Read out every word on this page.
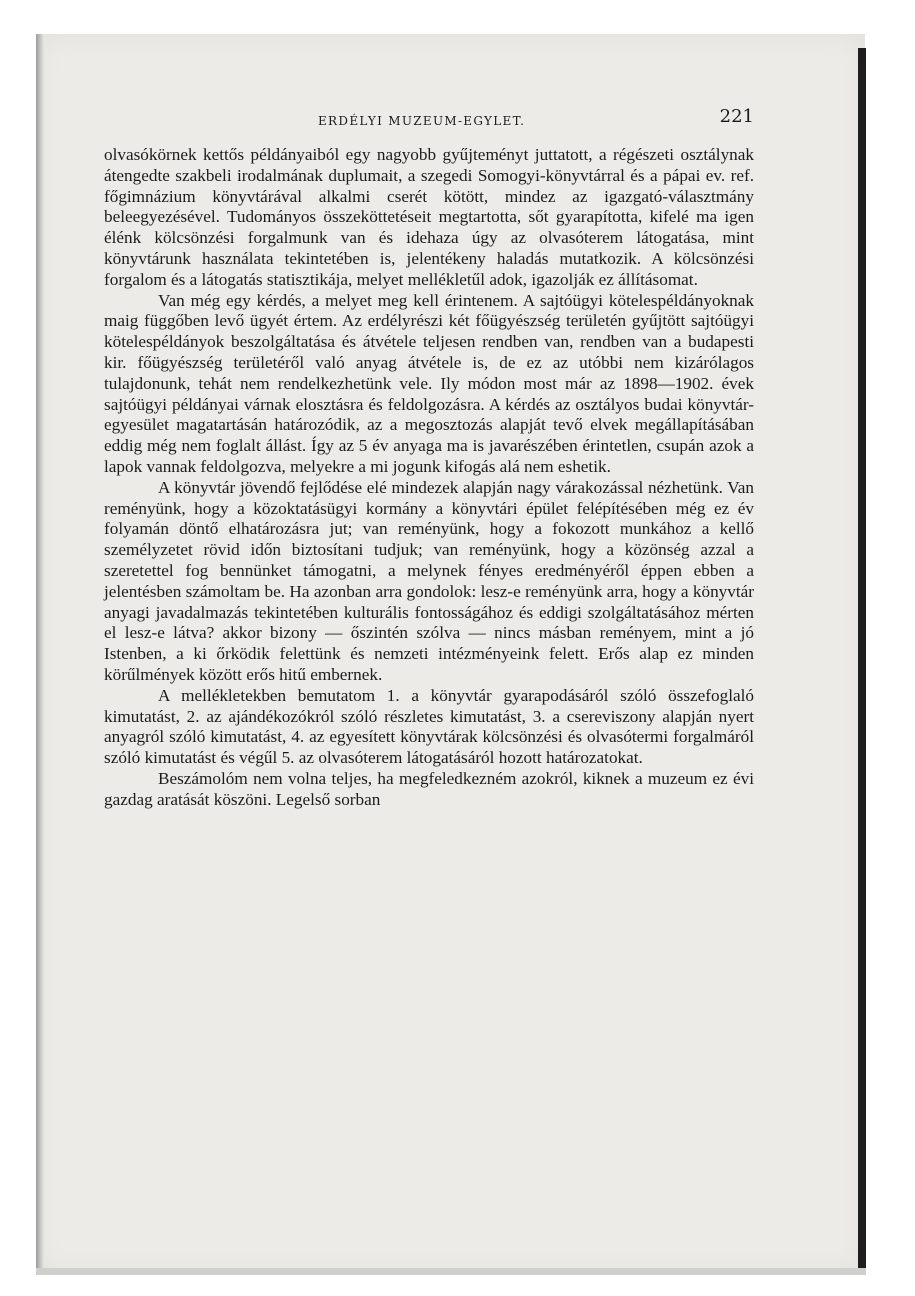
ERDÉLYI MUZEUM-EGYLET.	221

olvasókörnek kettős példányaiból egy nagyobb gyűjteményt juttatott, a régészeti osztálynak átengedte szakbeli irodalmának duplumait, a szegedi Somogyi-könyvtárral és a pápai ev. ref. főgimnázium könyvtárával alkalmi cserét kötött, mindez az igazgató-választmány beleegyezésével. Tudományos összeköttetéseit megtartotta, sőt gyarapította, kifelé ma igen élénk kölcsönzési forgalmunk van és idehaza úgy az olvasóterem látogatása, mint könyvtárunk használata tekintetében is, jelentékeny haladás mutatkozik. A kölcsönzési forgalom és a látogatás statisztikája, melyet mellékletűl adok, igazolják ez állításomat.

Van még egy kérdés, a melyet meg kell érintenem. A sajtóügyi kötelespéldányoknak maig függőben levő ügyét értem. Az erdélyrészi két főügyészség területén gyűjtött sajtóügyi kötelespéldányok beszolgáltatása és átvétele teljesen rendben van, rendben van a budapesti kir. főügyészség területéről való anyag átvétele is, de ez az utóbbi nem kizárólagos tulajdonunk, tehát nem rendelkezhetünk vele. Ily módon most már az 1898—1902. évek sajtóügyi példányai várnak elosztásra és feldolgozásra. A kérdés az osztályos budai könyvtár-egyesület magatartásán határozódik, az a megosztozás alapját tevő elvek megállapításában eddig még nem foglalt állást. Így az 5 év anyaga ma is javarészében érintetlen, csupán azok a lapok vannak feldolgozva, melyekre a mi jogunk kifogás alá nem eshetik.

A könyvtár jövendő fejlődése elé mindezek alapján nagy várakozással nézhetünk. Van reményünk, hogy a közoktatásügyi kormány a könyvtári épület felépítésében még ez év folyamán döntő elhatározásra jut; van reményünk, hogy a fokozott munkához a kellő személyzetet rövid időn biztosítani tudjuk; van reményünk, hogy a közönség azzal a szeretettel fog bennünket támogatni, a melynek fényes eredményéről éppen ebben a jelentésben számoltam be. Ha azonban arra gondolok: lesz-e reményünk arra, hogy a könyvtár anyagi javadalmazás tekintetében kulturális fontosságához és eddigi szolgáltatásához mérten el lesz-e látva? akkor bizony — őszintén szólva — nincs másban reményem, mint a jó Istenben, a ki őrködik felettünk és nemzeti intézményeink felett. Erős alap ez minden körűlmények között erős hitű embernek.

A mellékletekben bemutatom 1. a könyvtár gyarapodásáról szóló összefoglaló kimutatást, 2. az ajándékozókról szóló részletes kimutatást, 3. a csereviszony alapján nyert anyagról szóló kimutatást, 4. az egyesített könyvtárak kölcsönzési és olvasótermi forgalmáról szóló kimutatást és végűl 5. az olvasóterem látogatásáról hozott határozatokat.

Beszámolóm nem volna teljes, ha megfeledkezném azokról, kiknek a muzeum ez évi gazdag aratását köszöni. Legelső sorban
